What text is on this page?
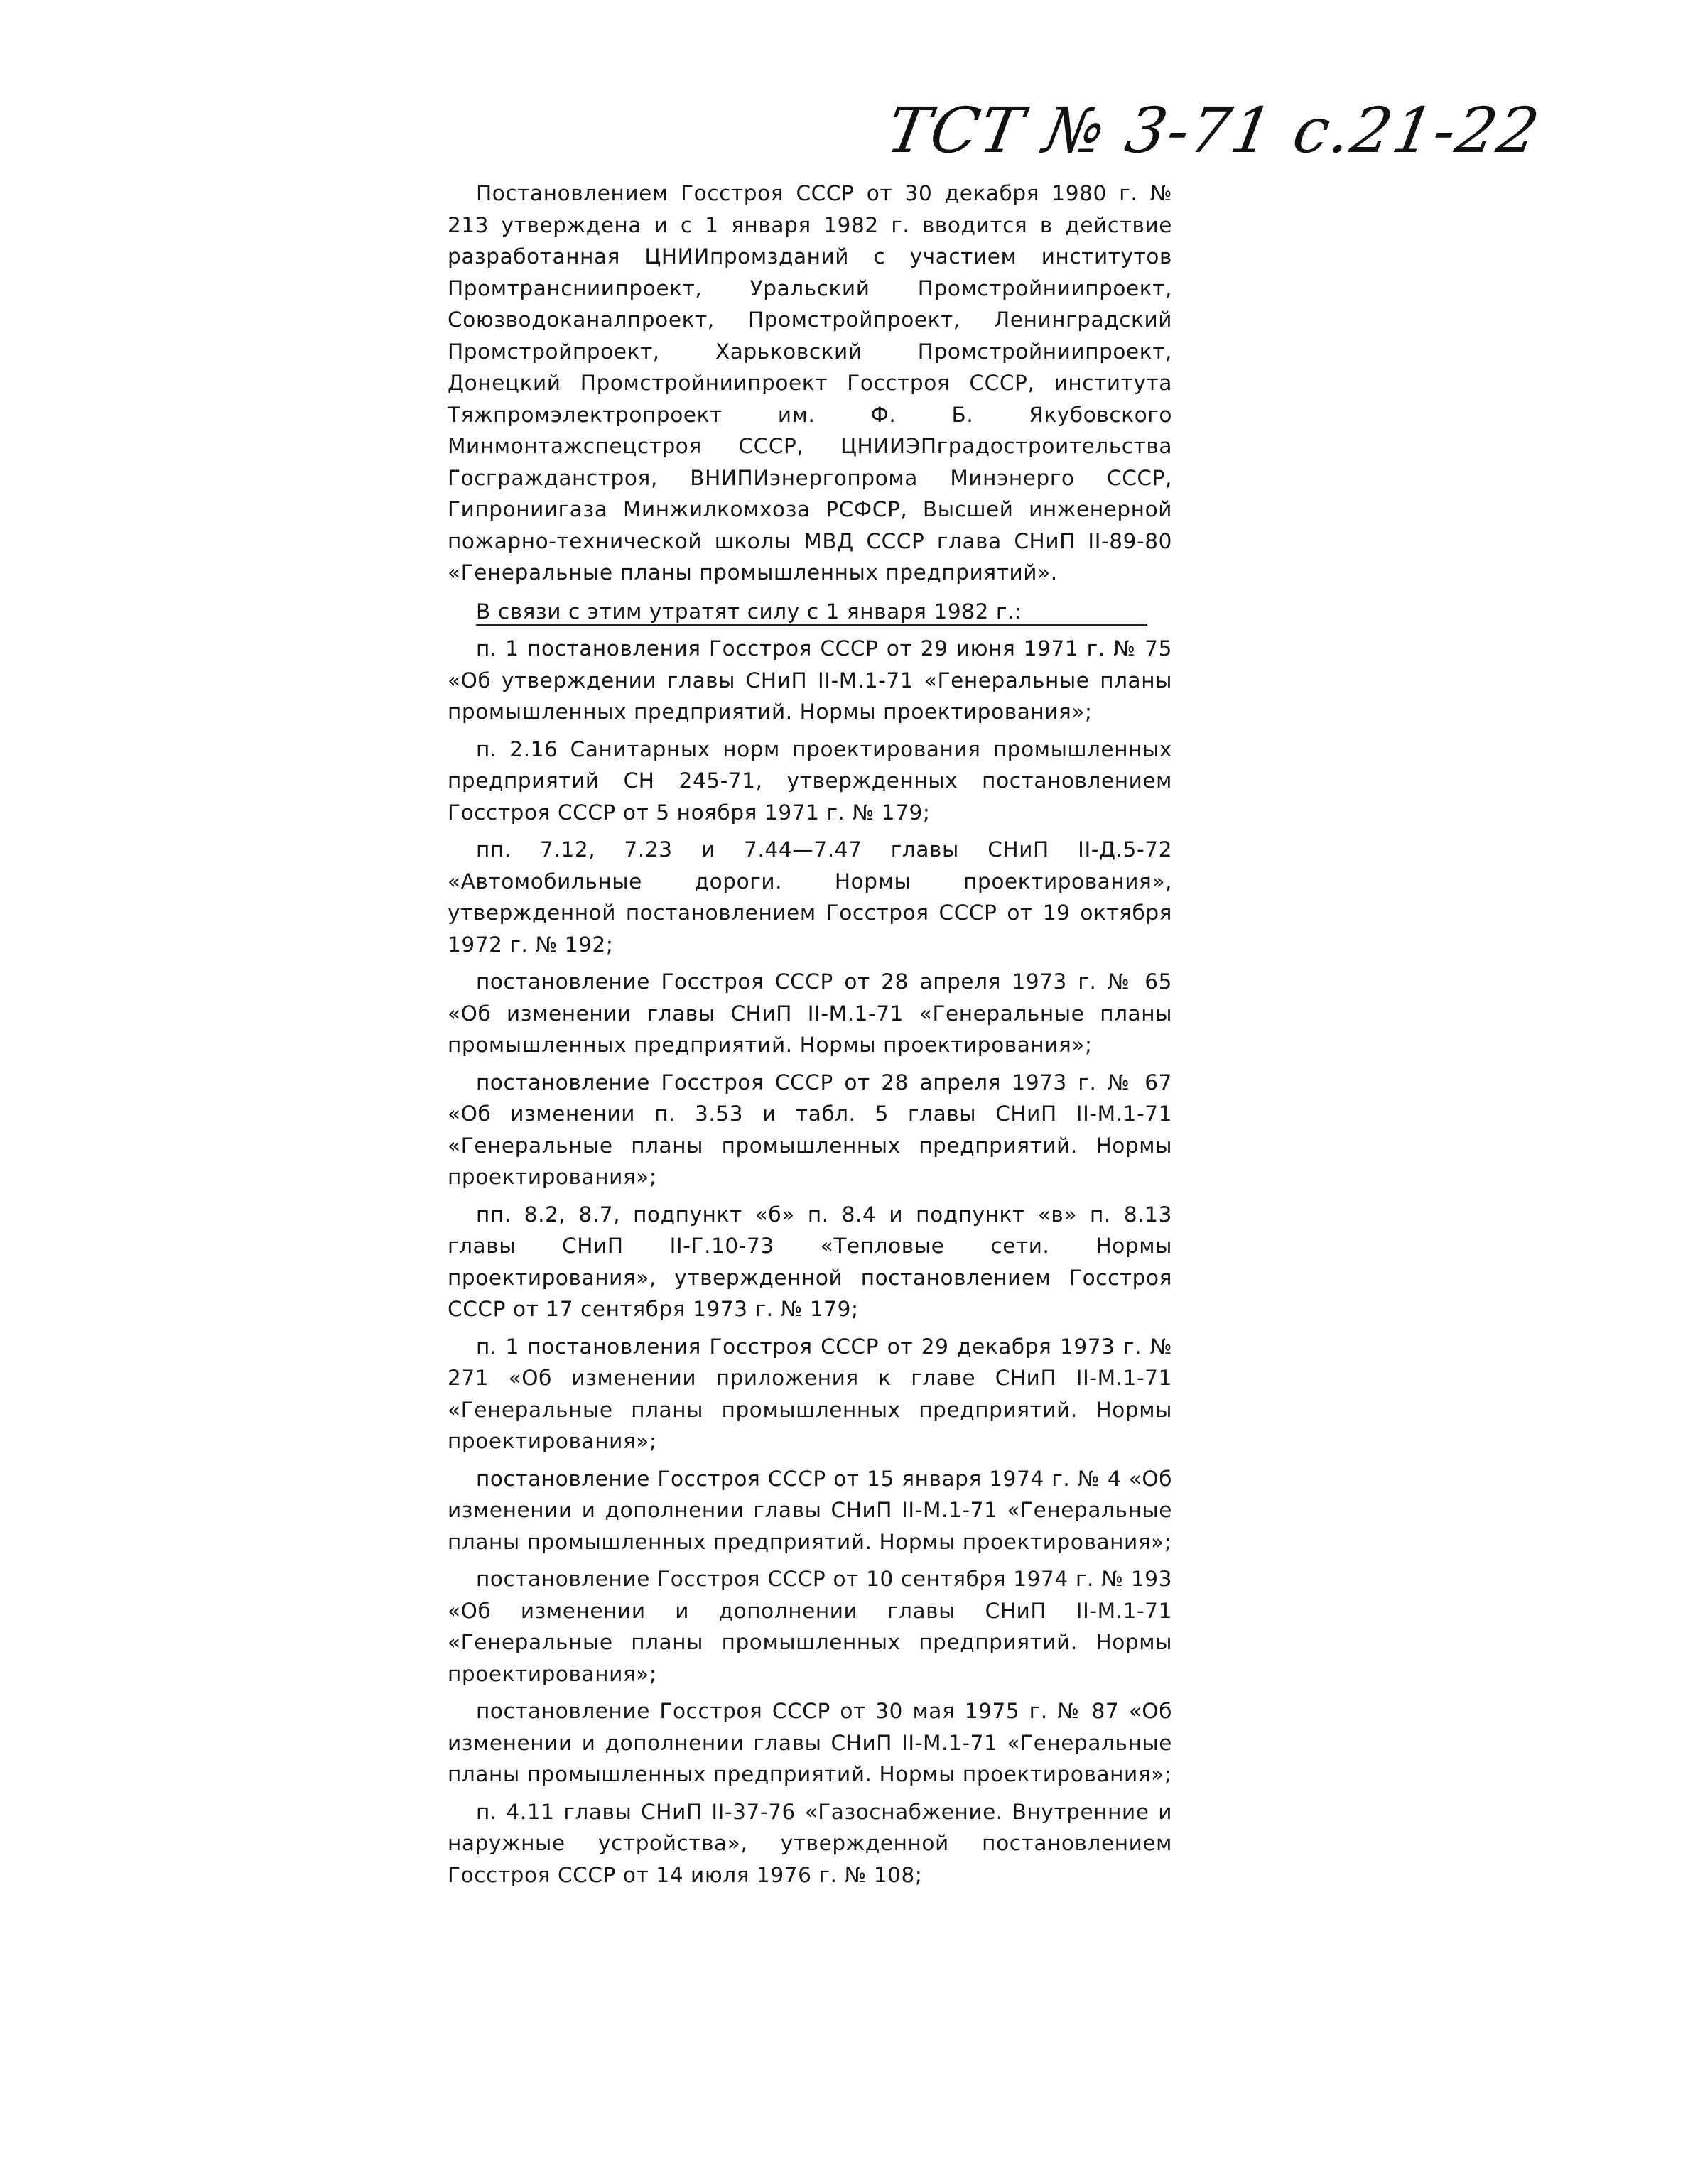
ТСТ № 3-71 с.21-22

Постановлением Госстроя СССР от 30 декабря 1980 г. № 213 утверждена и с 1 января 1982 г. вводится в действие разработанная ЦНИИпромзданий с участием институтов Промтрансниипроект, Уральский Промстройниипроект, Союзводоканалпроект, Промстройпроект, Ленинградский Промстройпроект, Харьковский Промстройниипроект, Донецкий Промстройниипроект Госстроя СССР, института Тяжпромэлектропроект им. Ф. Б. Якубовского Минмонтажспецстроя СССР, ЦНИИЭПградостроительства Госгражданстроя, ВНИПИэнергопрома Минэнерго СССР, Гипрониигаза Минжилкомхоза РСФСР, Высшей инженерной пожарно-технической школы МВД СССР глава СНиП II-89-80 «Генеральные планы промышленных предприятий».

В связи с этим утратят силу с 1 января 1982 г.:

п. 1 постановления Госстроя СССР от 29 июня 1971 г. № 75 «Об утверждении главы СНиП II-М.1-71 «Генеральные планы промышленных предприятий. Нормы проектирования»;

п. 2.16 Санитарных норм проектирования промышленных предприятий СН 245-71, утвержденных постановлением Госстроя СССР от 5 ноября 1971 г. № 179;

пп. 7.12, 7.23 и 7.44—7.47 главы СНиП II-Д.5-72 «Автомобильные дороги. Нормы проектирования», утвержденной постановлением Госстроя СССР от 19 октября 1972 г. № 192;

постановление Госстроя СССР от 28 апреля 1973 г. № 65 «Об изменении главы СНиП II-М.1-71 «Генеральные планы промышленных предприятий. Нормы проектирования»;

постановление Госстроя СССР от 28 апреля 1973 г. № 67 «Об изменении п. 3.53 и табл. 5 главы СНиП II-М.1-71 «Генеральные планы промышленных предприятий. Нормы проектирования»;

пп. 8.2, 8.7, подпункт «б» п. 8.4 и подпункт «в» п. 8.13 главы СНиП II-Г.10-73 «Тепловые сети. Нормы проектирования», утвержденной постановлением Госстроя СССР от 17 сентября 1973 г. № 179;

п. 1 постановления Госстроя СССР от 29 декабря 1973 г. № 271 «Об изменении приложения к главе СНиП II-М.1-71 «Генеральные планы промышленных предприятий. Нормы проектирования»;

постановление Госстроя СССР от 15 января 1974 г. № 4 «Об изменении и дополнении главы СНиП II-М.1-71 «Генеральные планы промышленных предприятий. Нормы проектирования»;

постановление Госстроя СССР от 10 сентября 1974 г. № 193 «Об изменении и дополнении главы СНиП II-М.1-71 «Генеральные планы промышленных предприятий. Нормы проектирования»;

постановление Госстроя СССР от 30 мая 1975 г. № 87 «Об изменении и дополнении главы СНиП II-М.1-71 «Генеральные планы промышленных предприятий. Нормы проектирования»;

п. 4.11 главы СНиП II-37-76 «Газоснабжение. Внутренние и наружные устройства», утвержденной постановлением Госстроя СССР от 14 июля 1976 г. № 108;
